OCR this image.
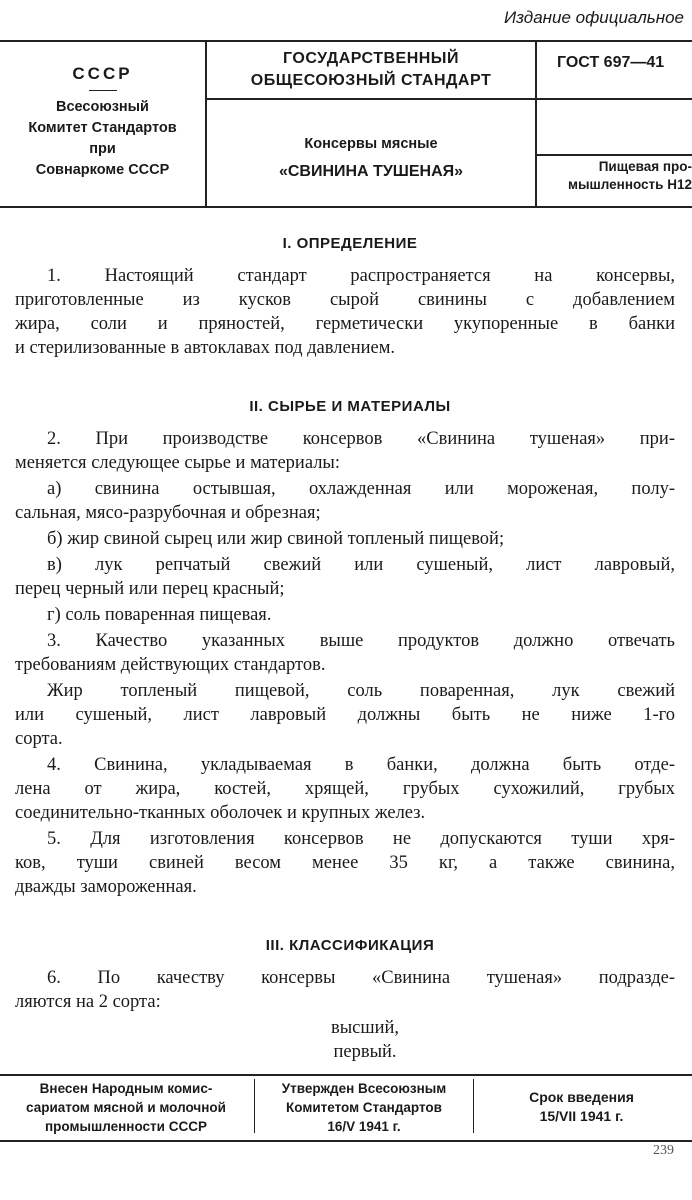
Издание официальное
СССР
Всесоюзный
Комитет Стандартов
при
Совнаркоме СССР
ГОСУДАРСТВЕННЫЙ
ОБЩЕСОЮЗНЫЙ СТАНДАРТ
Консервы мясные
«СВИНИНА ТУШЕНАЯ»
ГОСТ 697—41
Пищевая про-
мышленность Н12
I. ОПРЕДЕЛЕНИЕ
1. Настоящий стандарт распространяется на консервы,
приготовленные из кусков сырой свинины с добавлением
жира, соли и пряностей, герметически укупоренные в банки
и стерилизованные в автоклавах под давлением.
II. СЫРЬЕ И МАТЕРИАЛЫ
2. При производстве консервов «Свинина тушеная» при-
меняется следующее сырье и материалы:
а) свинина остывшая, охлажденная или мороженая, полу-
сальная, мясо-разрубочная и обрезная;
б) жир свиной сырец или жир свиной топленый пищевой;
в) лук репчатый свежий или сушеный, лист лавровый,
перец черный или перец красный;
г) соль поваренная пищевая.
3. Качество указанных выше продуктов должно отвечать
требованиям действующих стандартов.
Жир топленый пищевой, соль поваренная, лук свежий
или сушеный, лист лавровый должны быть не ниже 1-го
сорта.
4. Свинина, укладываемая в банки, должна быть отде-
лена от жира, костей, хрящей, грубых сухожилий, грубых
соединительно-тканных оболочек и крупных желез.
5. Для изготовления консервов не допускаются туши хря-
ков, туши свиней весом менее 35 кг, а также свинина,
дважды замороженная.
III. КЛАССИФИКАЦИЯ
6. По качеству консервы «Свинина тушеная» подразде-
ляются на 2 сорта:
высший,
первый.
Внесен Народным комис-
сариатом мясной и молочной
промышленности СССР
Утвержден Всесоюзным
Комитетом Стандартов
16/V 1941 г.
Срок введения
15/VII 1941 г.
239
